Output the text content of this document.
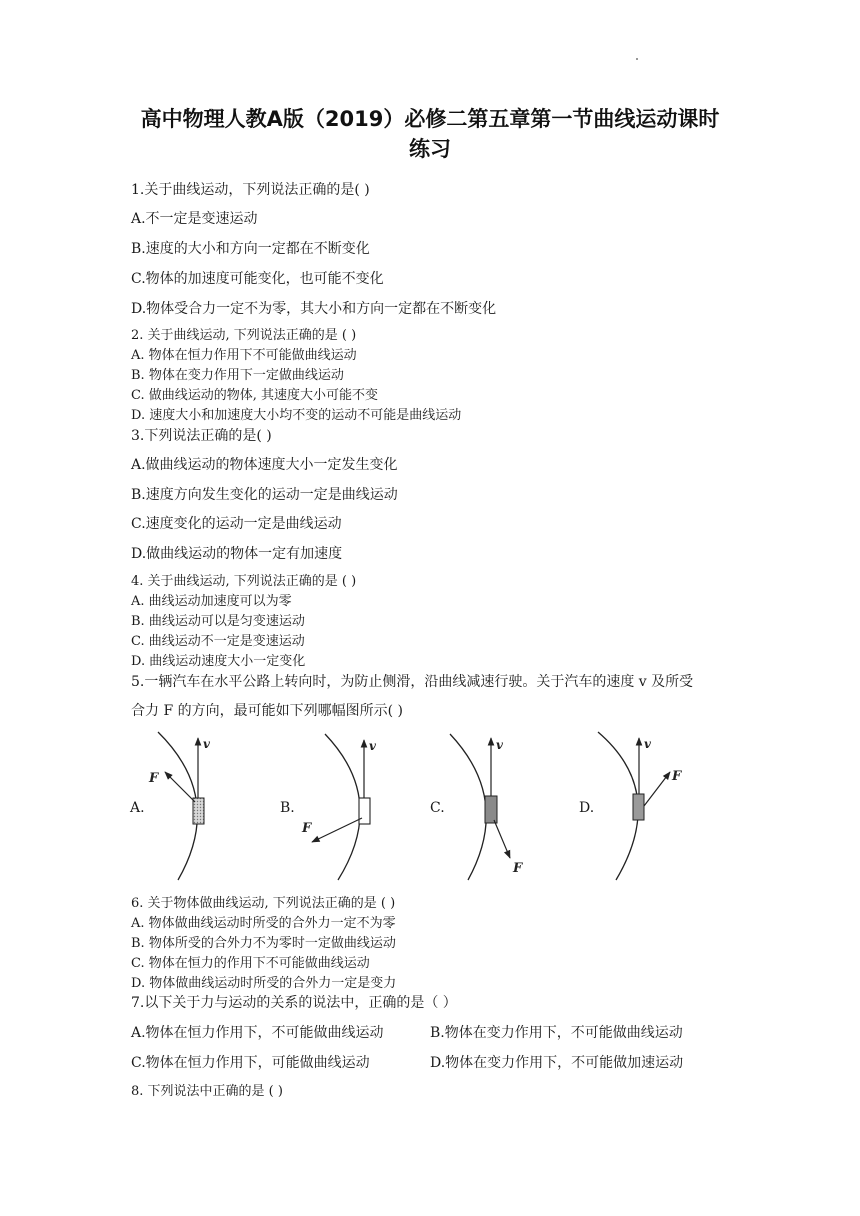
高中物理人教A版（2019）必修二第五章第一节曲线运动课时
练习
1.关于曲线运动，下列说法正确的是( )
A.不一定是变速运动
B.速度的大小和方向一定都在不断变化
C.物体的加速度可能变化，也可能不变化
D.物体受合力一定不为零，其大小和方向一定都在不断变化
2. 关于曲线运动, 下列说法正确的是 ( )
A. 物体在恒力作用下不可能做曲线运动
B. 物体在变力作用下一定做曲线运动
C. 做曲线运动的物体, 其速度大小可能不变
D. 速度大小和加速度大小均不变的运动不可能是曲线运动
3.下列说法正确的是( )
A.做曲线运动的物体速度大小一定发生变化
B.速度方向发生变化的运动一定是曲线运动
C.速度变化的运动一定是曲线运动
D.做曲线运动的物体一定有加速度
4. 关于曲线运动, 下列说法正确的是 ( )
A. 曲线运动加速度可以为零
B. 曲线运动可以是匀变速运动
C. 曲线运动不一定是变速运动
D. 曲线运动速度大小一定变化
5.一辆汽车在水平公路上转向时，为防止侧滑，沿曲线减速行驶。关于汽车的速度 v 及所受
合力 F 的方向，最可能如下列哪幅图所示( )
v
F
v
F
v
F
v
F
A.	B.	C.	D.
6. 关于物体做曲线运动, 下列说法正确的是 ( )
A. 物体做曲线运动时所受的合外力一定不为零
B. 物体所受的合外力不为零时一定做曲线运动
C. 物体在恒力的作用下不可能做曲线运动
D. 物体做曲线运动时所受的合外力一定是变力
7.以下关于力与运动的关系的说法中，正确的是（ ）
A.物体在恒力作用下，不可能做曲线运动	B.物体在变力作用下，不可能做曲线运动
C.物体在恒力作用下，可能做曲线运动	D.物体在变力作用下，不可能做加速运动
8. 下列说法中正确的是 ( )
